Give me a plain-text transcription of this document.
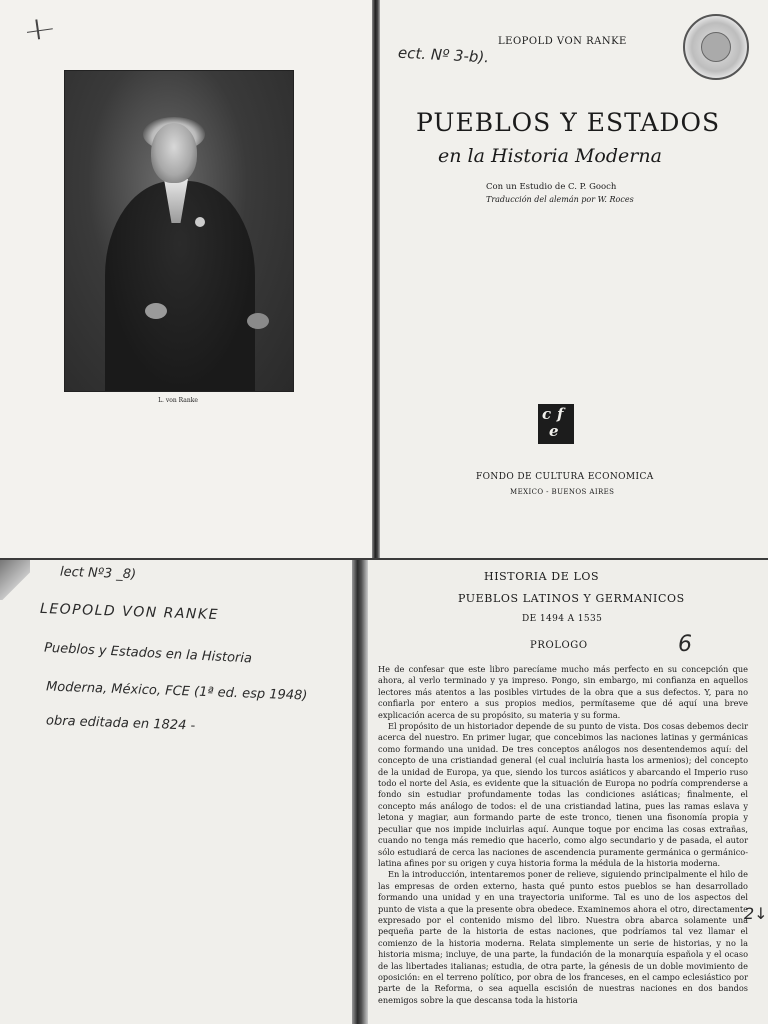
L. von Ranke
ect. Nº 3-b).
LEOPOLD VON RANKE
PUEBLOS Y ESTADOS
en la Historia Moderna
Con un Estudio de C. P. Gooch
Traducción del alemán por W. Roces
c f
e
FONDO DE CULTURA ECONOMICA
MEXICO - BUENOS AIRES
lect Nº3 _8)
LEOPOLD VON RANKE
Pueblos y Estados en la Historia
Moderna, México, FCE (1ª ed. esp 1948)
obra editada en 1824 -
HISTORIA DE LOS
PUEBLOS LATINOS Y GERMANICOS
DE 1494 A 1535
PROLOGO	6
2↓

He de confesar que este libro parecíame mucho más perfecto en su concepción que ahora, al verlo terminado y ya impreso. Pongo, sin embargo, mi confianza en aquellos lectores más atentos a las posibles virtudes de la obra que a sus defectos. Y, para no confiarla por entero a sus propios medios, permítaseme que dé aquí una breve explicación acerca de su propósito, su materia y su forma.

El propósito de un historiador depende de su punto de vista. Dos cosas debemos decir acerca del nuestro. En primer lugar, que concebimos las naciones latinas y germánicas como formando una unidad. De tres conceptos análogos nos desentendemos aquí: del concepto de una cristiandad general (el cual incluiría hasta los armenios); del concepto de la unidad de Europa, ya que, siendo los turcos asiáticos y abarcando el Imperio ruso todo el norte del Asia, es evidente que la situación de Europa no podría comprenderse a fondo sin estudiar profundamente todas las condiciones asiáticas; finalmente, el concepto más análogo de todos: el de una cristiandad latina, pues las ramas eslava y letona y magiar, aun formando parte de este tronco, tienen una fisonomía propia y peculiar que nos impide incluirlas aquí. Aunque toque por encima las cosas extrañas, cuando no tenga más remedio que hacerlo, como algo secundario y de pasada, el autor sólo estudiará de cerca las naciones de ascendencia puramente germánica o germánico-latina afines por su origen y cuya historia forma la médula de la historia moderna.

En la introducción, intentaremos poner de relieve, siguiendo principalmente el hilo de las empresas de orden externo, hasta qué punto estos pueblos se han desarrollado formando una unidad y en una trayectoria uniforme. Tal es uno de los aspectos del punto de vista a que la presente obra obedece. Examinemos ahora el otro, directamente expresado por el contenido mismo del libro. Nuestra obra abarca solamente una pequeña parte de la historia de estas naciones, que podríamos tal vez llamar el comienzo de la historia moderna. Relata simplemente un serie de historias, y no la historia misma; incluye, de una parte, la fundación de la monarquía española y el ocaso de las libertades italianas; estudia, de otra parte, la génesis de un doble movimiento de oposición: en el terreno político, por obra de los franceses, en el campo eclesiástico por parte de la Reforma, o sea aquella escisión de nuestras naciones en dos bandos enemigos sobre la que descansa toda la historia
